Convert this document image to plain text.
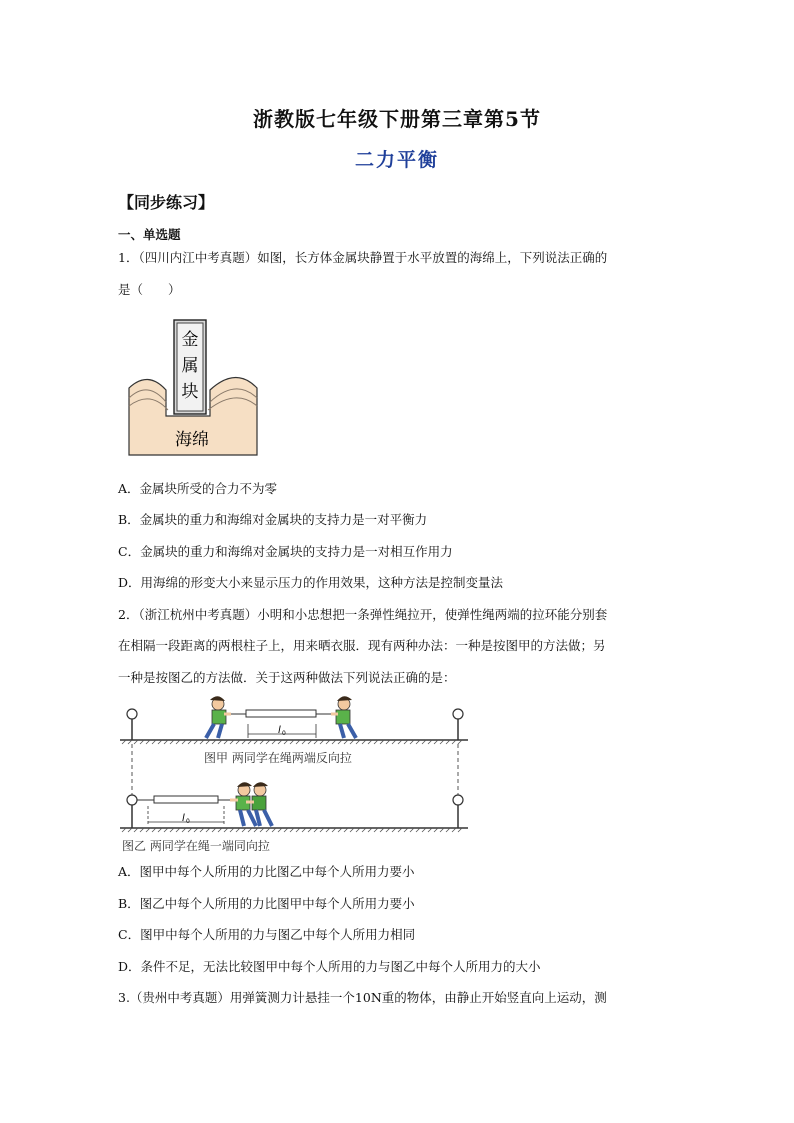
浙教版七年级下册第三章第5节
二力平衡
【同步练习】
一、单选题
1．（四川内江中考真题）如图，长方体金属块静置于水平放置的海绵上，下列说法正确的
是（　　）
金
属
块
海绵
A．金属块所受的合力不为零
B．金属块的重力和海绵对金属块的支持力是一对平衡力
C．金属块的重力和海绵对金属块的支持力是一对相互作用力
D．用海绵的形变大小来显示压力的作用效果，这种方法是控制变量法
2．（浙江杭州中考真题）小明和小忠想把一条弹性绳拉开，使弹性绳两端的拉环能分别套
在相隔一段距离的两根柱子上，用来晒衣服．现有两种办法：一种是按图甲的方法做；另
一种是按图乙的方法做．关于这两种做法下列说法正确的是：
l 0
图甲 两同学在绳两端反向拉
l 0
图乙 两同学在绳一端同向拉
A．图甲中每个人所用的力比图乙中每个人所用力要小
B．图乙中每个人所用的力比图甲中每个人所用力要小
C．图甲中每个人所用的力与图乙中每个人所用力相同
D．条件不足，无法比较图甲中每个人所用的力与图乙中每个人所用力的大小
3.（贵州中考真题）用弹簧测力计悬挂一个10N重的物体，由静止开始竖直向上运动，测
